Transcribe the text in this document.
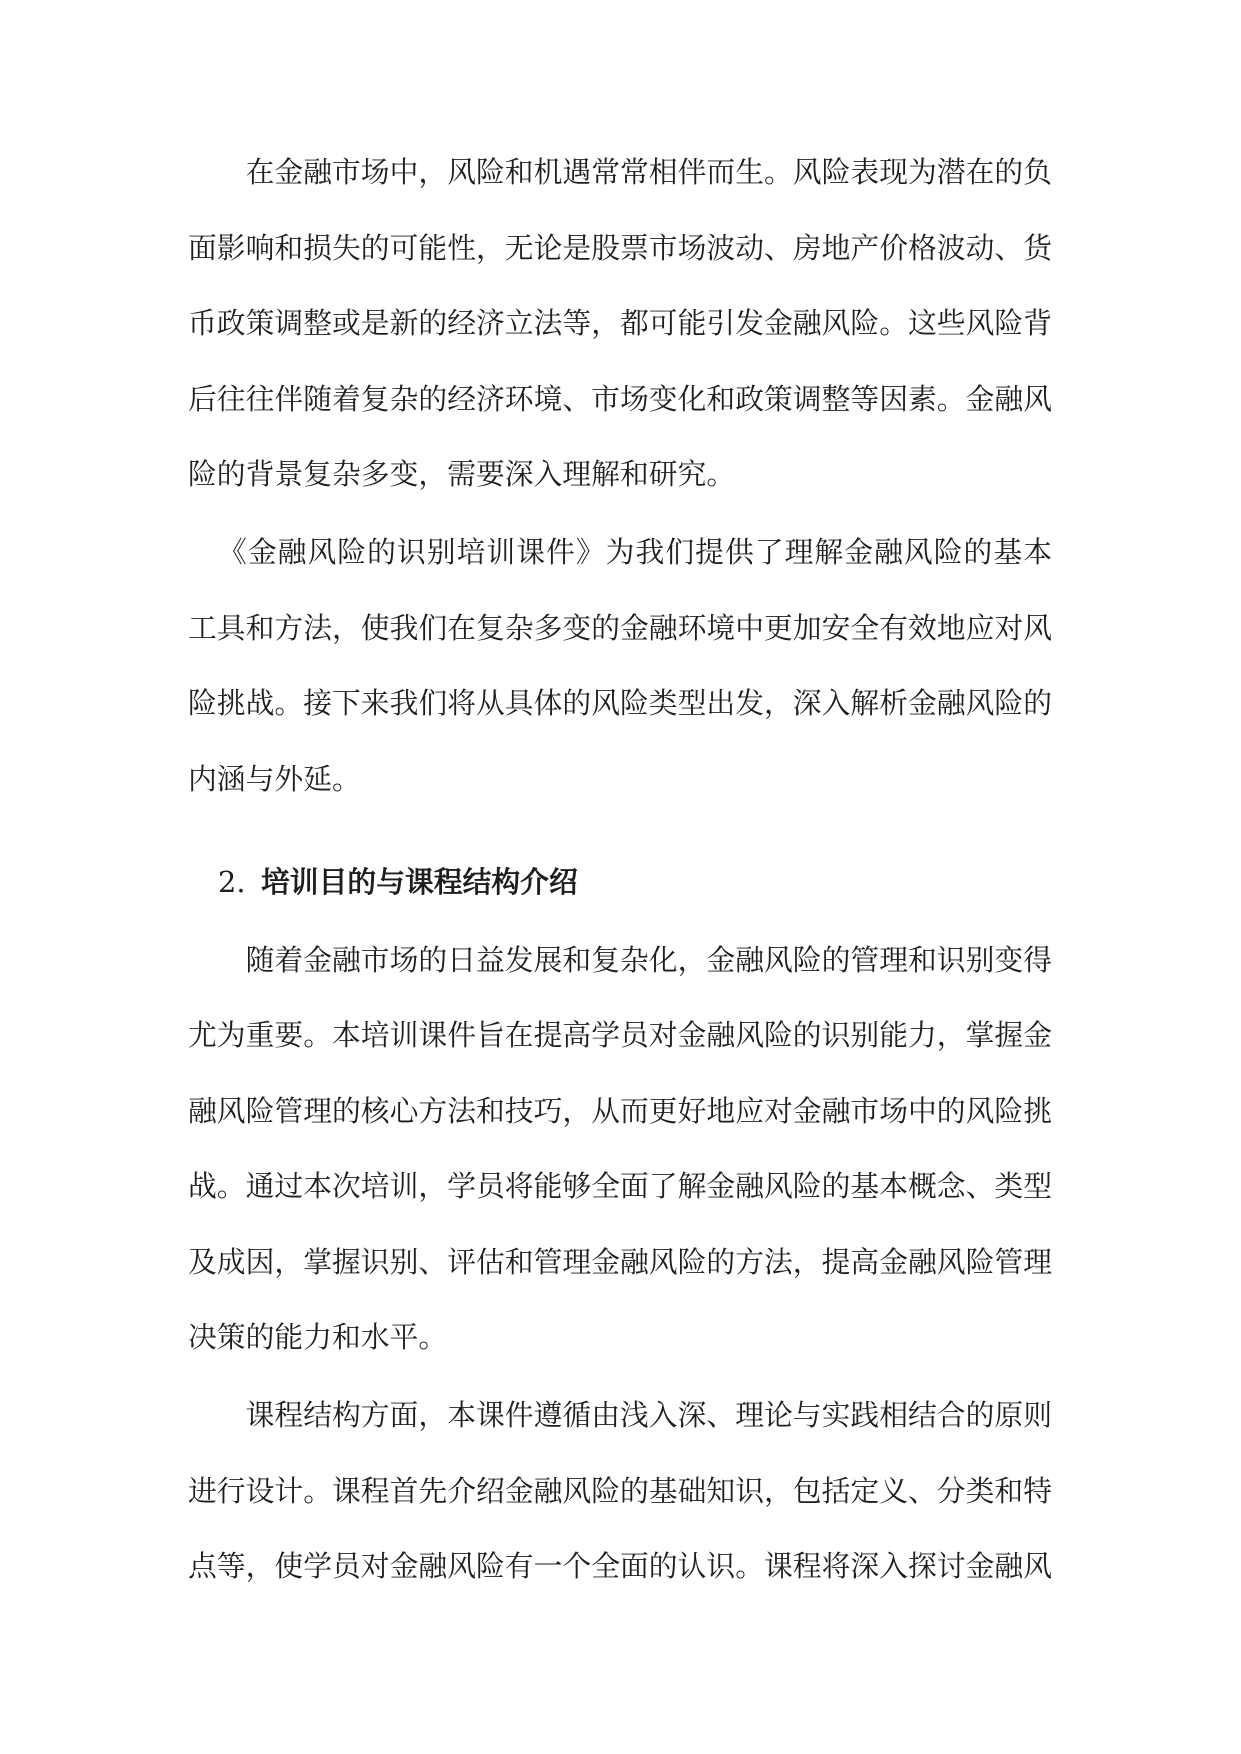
在金融市场中，风险和机遇常常相伴而生。风险表现为潜在的负
面影响和损失的可能性，无论是股票市场波动、房地产价格波动、货
币政策调整或是新的经济立法等，都可能引发金融风险。这些风险背
后往往伴随着复杂的经济环境、市场变化和政策调整等因素。金融风
险的背景复杂多变，需要深入理解和研究。
《金融风险的识别培训课件》为我们提供了理解金融风险的基本
工具和方法，使我们在复杂多变的金融环境中更加安全有效地应对风
险挑战。接下来我们将从具体的风险类型出发，深入解析金融风险的
内涵与外延。
2. 培训目的与课程结构介绍
随着金融市场的日益发展和复杂化，金融风险的管理和识别变得
尤为重要。本培训课件旨在提高学员对金融风险的识别能力，掌握金
融风险管理的核心方法和技巧，从而更好地应对金融市场中的风险挑
战。通过本次培训，学员将能够全面了解金融风险的基本概念、类型
及成因，掌握识别、评估和管理金融风险的方法，提高金融风险管理
决策的能力和水平。
课程结构方面，本课件遵循由浅入深、理论与实践相结合的原则
进行设计。课程首先介绍金融风险的基础知识，包括定义、分类和特
点等，使学员对金融风险有一个全面的认识。课程将深入探讨金融风
